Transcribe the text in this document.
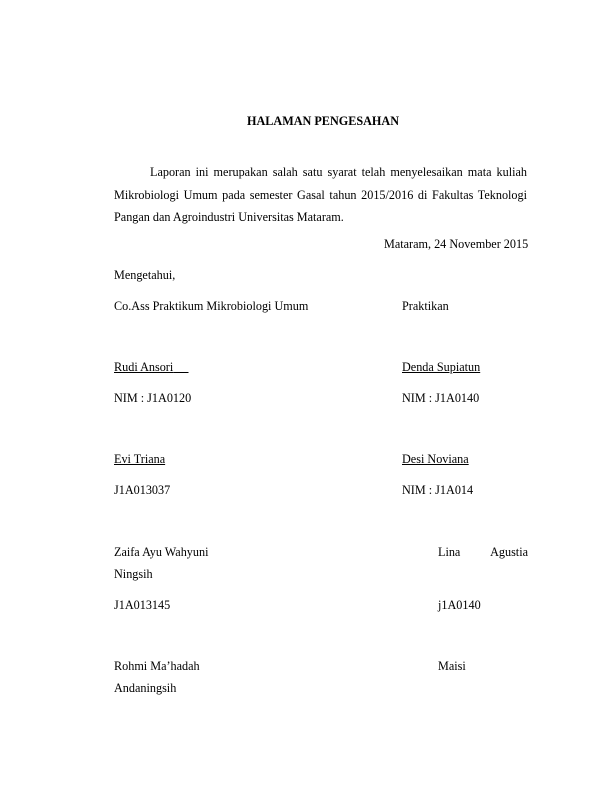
HALAMAN PENGESAHAN
Laporan ini merupakan salah satu syarat telah menyelesaikan mata kuliah Mikrobiologi Umum pada semester Gasal tahun 2015/2016 di Fakultas Teknologi Pangan dan Agroindustri Universitas Mataram.
Mataram, 24 November 2015
Mengetahui,
Co.Ass Praktikum Mikrobiologi Umum	Praktikan
Rudi Ansori	Denda Supiatun
NIM : J1A0120	NIM : J1A0140
Evi Triana	Desi Noviana
J1A013037	NIM : J1A014
Zaifa Ayu Wahyuni	Lina Agustia
Ningsih
J1A013145	j1A0140
Rohmi Ma’hadah	Maisi
Andaningsih
